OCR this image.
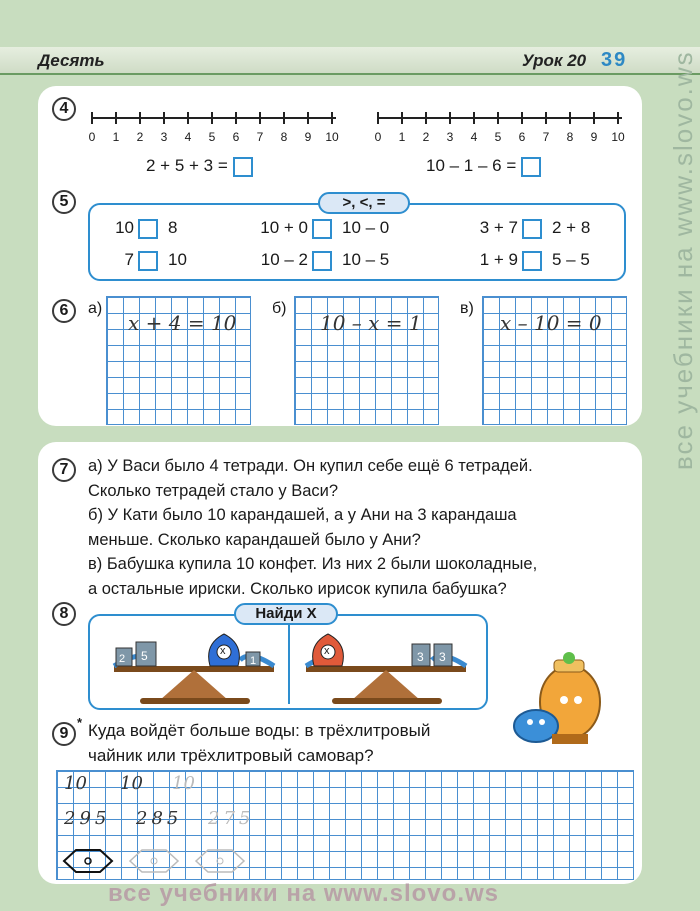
Десять	Урок 20 39
4
0	1	2	3	4	5	6	7	8	9	10	0	1	2	3	4	5	6	7	8	9	10
2 + 5 + 3 =	10 – 1 – 6 =
5	>, <, =
10 8	10 + 0 10 – 0	3 + 7 2 + 8
7 10	10 – 2 10 – 5	1 + 9 5 – 5
6	а)	б)	в)
x + 4 = 10	10 – x = 1	x – 10 = 0
7	а) У Васи было 4 тетради. Он купил себе ещё 6 тетрадей.
Сколько тетрадей стало у Васи?
б) У Кати было 10 карандашей, а у Ани на 3 карандаша
меньше. Сколько карандашей было у Ани?
в) Бабушка купила 10 конфет. Из них 2 были шоколадные,
а остальные ириски. Сколько ирисок купила бабушка?
8	Найди Х
2 5	x
1
x	3 3
9
* Куда войдёт больше воды: в трёхлитровый
чайник или трёхлитровый самовар?
10 10 10
295 285 275
все учебники на www.slovo.ws
все учебники на www.slovo.ws
